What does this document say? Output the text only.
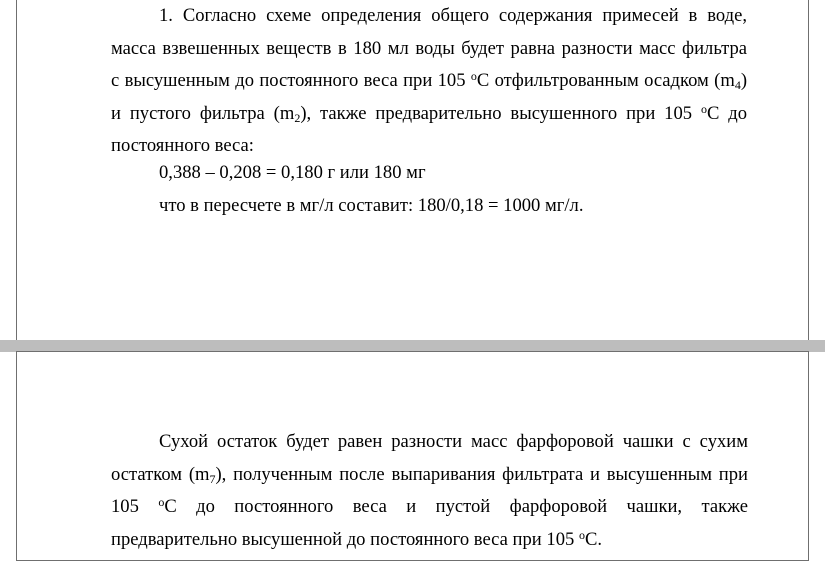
1. Согласно схеме определения общего содержания примесей в воде,
масса взвешенных веществ в 180 мл воды будет равна разности масс фильтра
с высушенным до постоянного веса при 105 $^о$С отфильтрованным осадком $(m_4)$
и пустого фильтра $(m_2)$, также предварительно высушенного при 105 $^о$С до
постоянного веса:
0,388 – 0,208 = 0,180 г или 180 мг
что в пересчете в мг/л составит: 180/0,18 = 1000 мг/л.
Сухой остаток будет равен разности масс фарфоровой чашки с сухим
остатком $(m_7)$, полученным после выпаривания фильтрата и высушенным при
105 $^о$С до постоянного веса и пустой фарфоровой чашки, также
предварительно высушенной до постоянного веса при 105 $^о$С.
